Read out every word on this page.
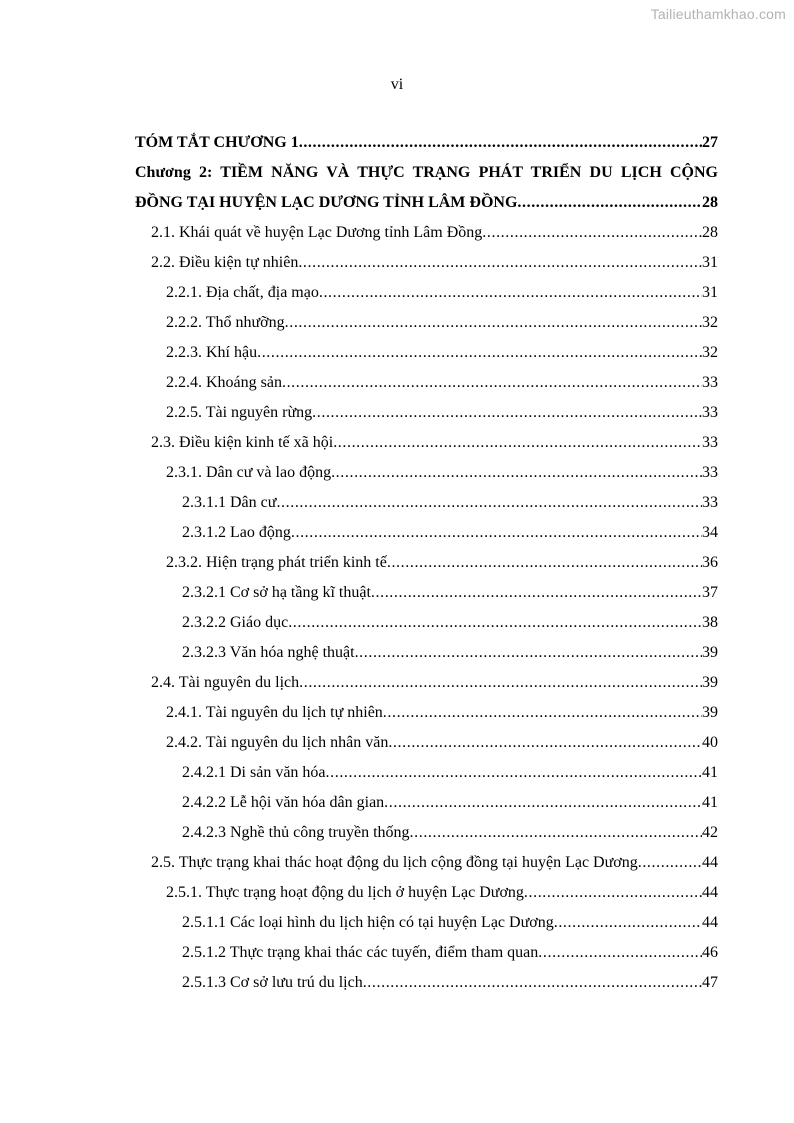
Tailieuthamkhao.com
vi
TÓM TẮT CHƯƠNG 1 .....	27
Chương 2: TIỀM NĂNG VÀ THỰC TRẠNG PHÁT TRIỂN DU LỊCH CỘNG
ĐỒNG TẠI HUYỆN LẠC DƯƠNG TỈNH LÂM ĐỒNG .....	28
2.1. Khái quát về huyện Lạc Dương tỉnh Lâm Đồng .....	28
2.2. Điều kiện tự nhiên .....	31
2.2.1. Địa chất, địa mạo .....	31
2.2.2. Thổ nhưỡng .....	32
2.2.3. Khí hậu .....	32
2.2.4. Khoáng sản .....	33
2.2.5. Tài nguyên rừng .....	33
2.3. Điều kiện kinh tế xã hội .....	33
2.3.1. Dân cư và lao động .....	33
2.3.1.1 Dân cư .....	33
2.3.1.2 Lao động .....	34
2.3.2. Hiện trạng phát triển kinh tế .....	36
2.3.2.1 Cơ sở hạ tầng kĩ thuật .....	37
2.3.2.2 Giáo dục .....	38
2.3.2.3 Văn hóa nghệ thuật .....	39
2.4. Tài nguyên du lịch .....	39
2.4.1. Tài nguyên du lịch tự nhiên .....	39
2.4.2. Tài nguyên du lịch nhân văn .....	40
2.4.2.1 Di sản văn hóa .....	41
2.4.2.2 Lễ hội văn hóa dân gian .....	41
2.4.2.3 Nghề thủ công truyền thống .....	42
2.5. Thực trạng khai thác hoạt động du lịch cộng đồng tại huyện Lạc Dương .....	44
2.5.1. Thực trạng hoạt động du lịch ở huyện Lạc Dương .....	44
2.5.1.1 Các loại hình du lịch hiện có tại huyện Lạc Dương .....	44
2.5.1.2 Thực trạng khai thác các tuyến, điểm tham quan .....	46
2.5.1.3 Cơ sở lưu trú du lịch .....	47
